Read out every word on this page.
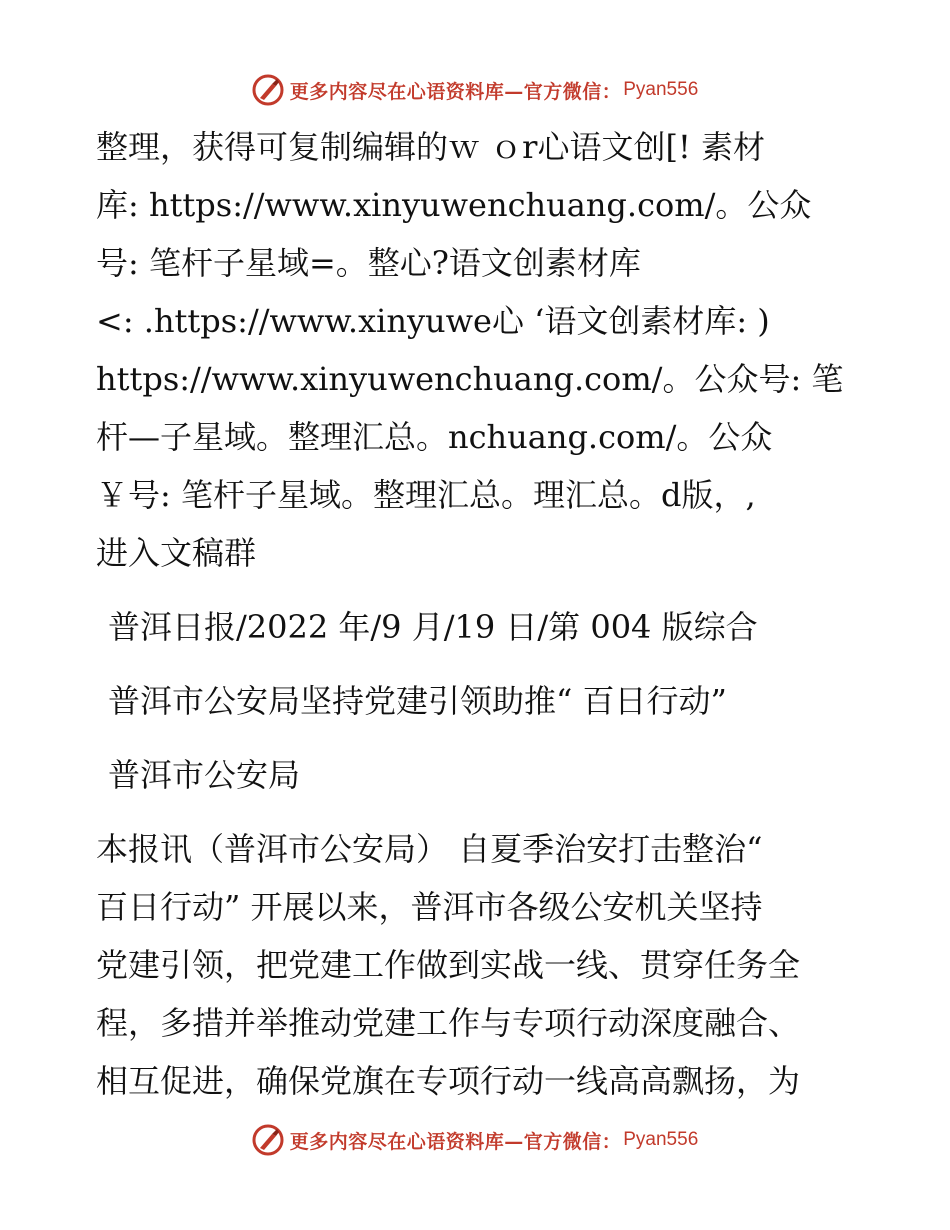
更多内容尽在心语资料库—官方微信： Pyan556
整理，获得可复制编辑的ｗ ｏr心语文创[! 素材
库: https://www.xinyuwenchuang.com/。公众
号: 笔杆子星域=。整心?语文创素材库
<: .https://www.xinyuwe心 ‘语文创素材库: )
https://www.xinyuwenchuang.com/。公众号: 笔
杆—子星域。整理汇总。nchuang.com/。公众
￥号: 笔杆子星域。整理汇总。理汇总。d版，,
进入文稿群
普洱日报/2022 年/9 月/19 日/第 004 版综合
普洱市公安局坚持党建引领助推“ 百日行动”
普洱市公安局
本报讯（普洱市公安局） 自夏季治安打击整治“
百日行动” 开展以来，普洱市各级公安机关坚持
党建引领，把党建工作做到实战一线、贯穿任务全
程，多措并举推动党建工作与专项行动深度融合、
相互促进，确保党旗在专项行动一线高高飘扬，为
更多内容尽在心语资料库—官方微信： Pyan556
